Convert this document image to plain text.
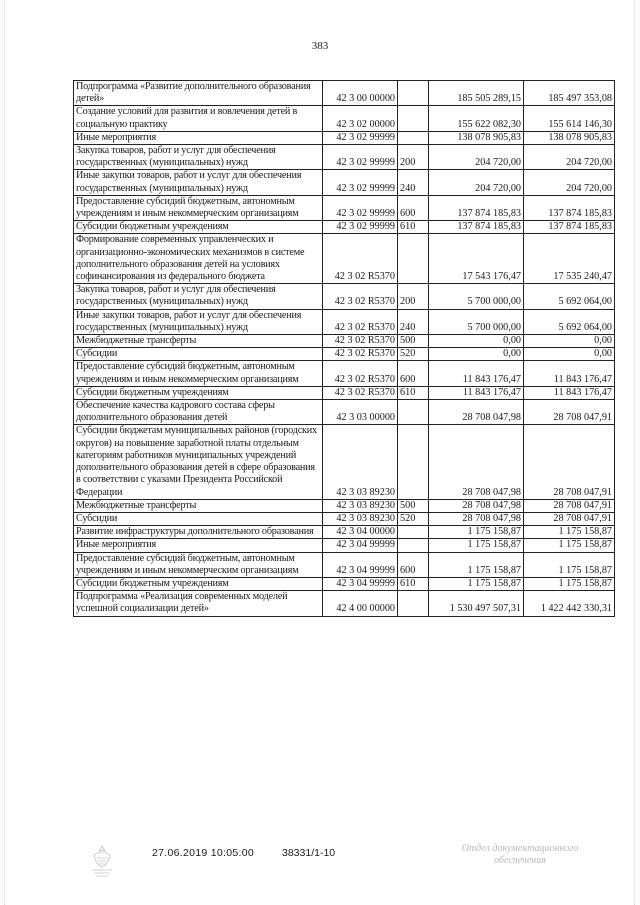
383
Подпрограмма «Развитие дополнительного образования детей»	42 3 00 00000		185 505 289,15	185 497 353,08
Создание условий для развития и вовлечения детей в социальную практику	42 3 02 00000		155 622 082,30	155 614 146,30
Иные мероприятия	42 3 02 99999		138 078 905,83	138 078 905,83
Закупка товаров, работ и услуг для обеспечения государственных (муниципальных) нужд	42 3 02 99999	200	204 720,00	204 720,00
Иные закупки товаров, работ и услуг для обеспечения государственных (муниципальных) нужд	42 3 02 99999	240	204 720,00	204 720,00
Предоставление субсидий бюджетным, автономным учреждениям и иным некоммерческим организациям	42 3 02 99999	600	137 874 185,83	137 874 185,83
Субсидии бюджетным учреждениям	42 3 02 99999	610	137 874 185,83	137 874 185,83
Формирование современных управленческих и организационно-экономических механизмов в системе дополнительного образования детей на условиях софинансирования из федерального бюджета	42 3 02 R5370		17 543 176,47	17 535 240,47
Закупка товаров, работ и услуг для обеспечения государственных (муниципальных) нужд	42 3 02 R5370	200	5 700 000,00	5 692 064,00
Иные закупки товаров, работ и услуг для обеспечения государственных (муниципальных) нужд	42 3 02 R5370	240	5 700 000,00	5 692 064,00
Межбюджетные трансферты	42 3 02 R5370	500	0,00	0,00
Субсидии	42 3 02 R5370	520	0,00	0,00
Предоставление субсидий бюджетным, автономным учреждениям и иным некоммерческим организациям	42 3 02 R5370	600	11 843 176,47	11 843 176,47
Субсидии бюджетным учреждениям	42 3 02 R5370	610	11 843 176,47	11 843 176,47
Обеспечение качества кадрового состава сферы дополнительного образования детей	42 3 03 00000		28 708 047,98	28 708 047,91
Субсидии бюджетам муниципальных районов (городских округов) на повышение заработной платы отдельным категориям работников муниципальных учреждений дополнительного образования детей в сфере образования в соответствии с указами Президента Российской Федерации	42 3 03 89230		28 708 047,98	28 708 047,91
Межбюджетные трансферты	42 3 03 89230	500	28 708 047,98	28 708 047,91
Субсидии	42 3 03 89230	520	28 708 047,98	28 708 047,91
Развитие инфраструктуры дополнительного образования	42 3 04 00000		1 175 158,87	1 175 158,87
Иные мероприятия	42 3 04 99999		1 175 158,87	1 175 158,87
Предоставление субсидий бюджетным, автономным учреждениям и иным некоммерческим организациям	42 3 04 99999	600	1 175 158,87	1 175 158,87
Субсидии бюджетным учреждениям	42 3 04 99999	610	1 175 158,87	1 175 158,87
Подпрограмма «Реализация современных моделей успешной социализации детей»	42 4 00 00000		1 530 497 507,31	1 422 442 330,31
27.06.2019 10:05:00	38331/1-10	Отдел документационного
обеспечения
